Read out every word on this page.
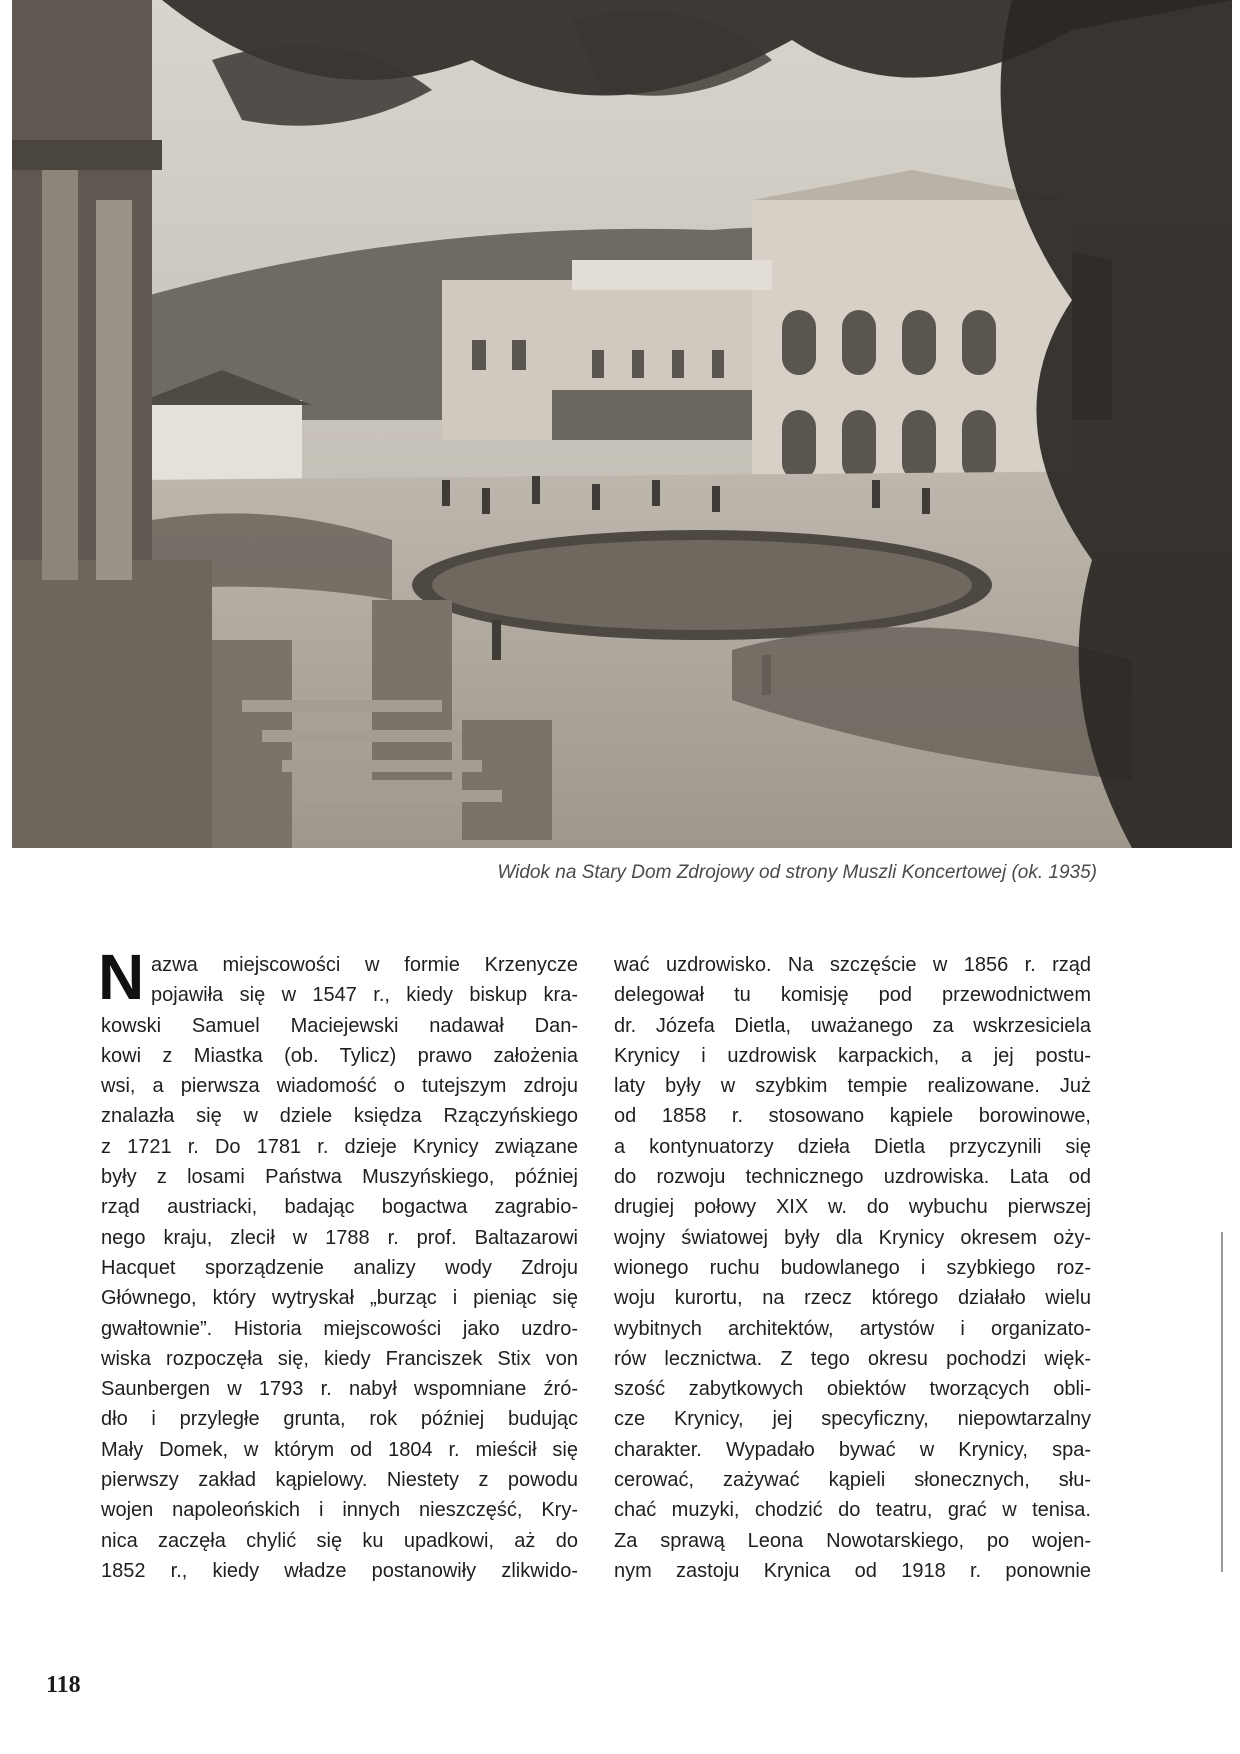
Widok na Stary Dom Zdrojowy od strony Muszli Koncertowej (ok. 1935)
N azwa miejscowości w formie Krzenycze
pojawiła się w 1547 r., kiedy biskup kra-
kowski Samuel Maciejewski nadawał Dan-
kowi z Miastka (ob. Tylicz) prawo założenia
wsi, a pierwsza wiadomość o tutejszym zdroju
znalazła się w dziele księdza Rzączyńskiego
z 1721 r. Do 1781 r. dzieje Krynicy związane
były z losami Państwa Muszyńskiego, później
rząd austriacki, badając bogactwa zagrabio-
nego kraju, zlecił w 1788 r. prof. Baltazarowi
Hacquet sporządzenie analizy wody Zdroju
Głównego, który wytryskał „burząc i pieniąc się
gwałtownie”. Historia miejscowości jako uzdro-
wiska rozpoczęła się, kiedy Franciszek Stix von
Saunbergen w 1793 r. nabył wspomniane źró-
dło i przyległe grunta, rok później budując
Mały Domek, w którym od 1804 r. mieścił się
pierwszy zakład kąpielowy. Niestety z powodu
wojen napoleońskich i innych nieszczęść, Kry-
nica zaczęła chylić się ku upadkowi, aż do
1852 r., kiedy władze postanowiły zlikwido-
wać uzdrowisko. Na szczęście w 1856 r. rząd
delegował tu komisję pod przewodnictwem
dr. Józefa Dietla, uważanego za wskrzesiciela
Krynicy i uzdrowisk karpackich, a jej postu-
laty były w szybkim tempie realizowane. Już
od 1858 r. stosowano kąpiele borowinowe,
a kontynuatorzy dzieła Dietla przyczynili się
do rozwoju technicznego uzdrowiska. Lata od
drugiej połowy XIX w. do wybuchu pierwszej
wojny światowej były dla Krynicy okresem oży-
wionego ruchu budowlanego i szybkiego roz-
woju kurortu, na rzecz którego działało wielu
wybitnych architektów, artystów i organizato-
rów lecznictwa. Z tego okresu pochodzi więk-
szość zabytkowych obiektów tworzących obli-
cze Krynicy, jej specyficzny, niepowtarzalny
charakter. Wypadało bywać w Krynicy, spa-
cerować, zażywać kąpieli słonecznych, słu-
chać muzyki, chodzić do teatru, grać w tenisa.
Za sprawą Leona Nowotarskiego, po wojen-
nym zastoju Krynica od 1918 r. ponownie
118
